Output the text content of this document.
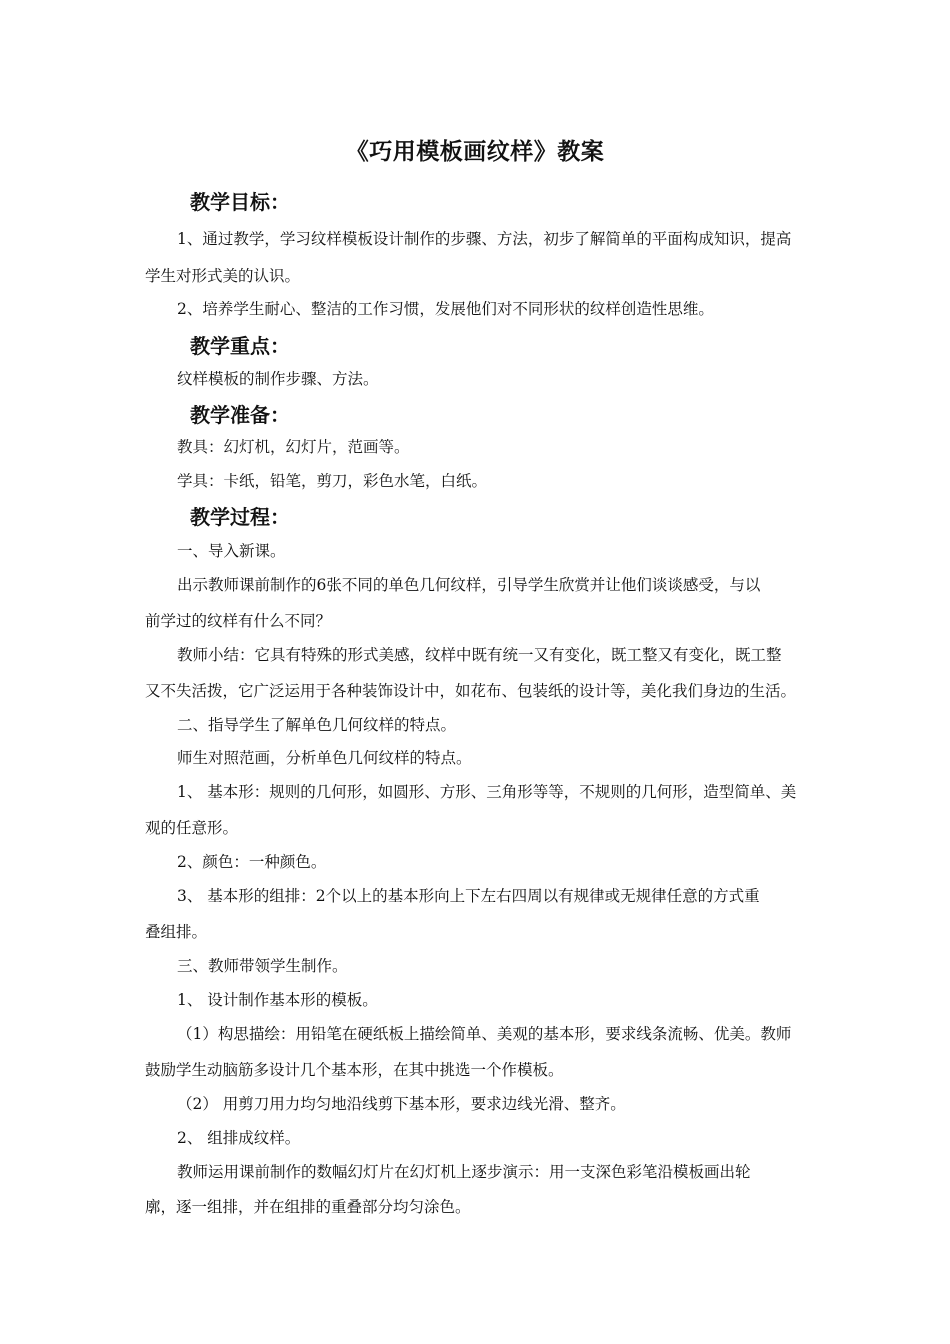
《巧用模板画纹样》教案
教学目标：
1、通过教学，学习纹样模板设计制作的步骤、方法，初步了解简单的平面构成知识，提高
学生对形式美的认识。
2、培养学生耐心、整洁的工作习惯，发展他们对不同形状的纹样创造性思维。
教学重点：
纹样模板的制作步骤、方法。
教学准备：
教具：幻灯机，幻灯片，范画等。
学具：卡纸，铅笔，剪刀，彩色水笔，白纸。
教学过程：
一、导入新课。
出示教师课前制作的6张不同的单色几何纹样，引导学生欣赏并让他们谈谈感受，与以
前学过的纹样有什么不同？
教师小结：它具有特殊的形式美感，纹样中既有统一又有变化，既工整又有变化，既工整
又不失活拨，它广泛运用于各种装饰设计中，如花布、包装纸的设计等，美化我们身边的生活。
二、指导学生了解单色几何纹样的特点。
师生对照范画，分析单色几何纹样的特点。
1、 基本形：规则的几何形，如圆形、方形、三角形等等，不规则的几何形，造型简单、美
观的任意形。
2、颜色：一种颜色。
3、 基本形的组排：2个以上的基本形向上下左右四周以有规律或无规律任意的方式重
叠组排。
三、教师带领学生制作。
1、 设计制作基本形的模板。
（1）构思描绘：用铅笔在硬纸板上描绘简单、美观的基本形，要求线条流畅、优美。教师
鼓励学生动脑筋多设计几个基本形，在其中挑选一个作模板。
（2） 用剪刀用力均匀地沿线剪下基本形，要求边线光滑、整齐。
2、 组排成纹样。
教师运用课前制作的数幅幻灯片在幻灯机上逐步演示：用一支深色彩笔沿模板画出轮
廓，逐一组排，并在组排的重叠部分均匀涂色。
